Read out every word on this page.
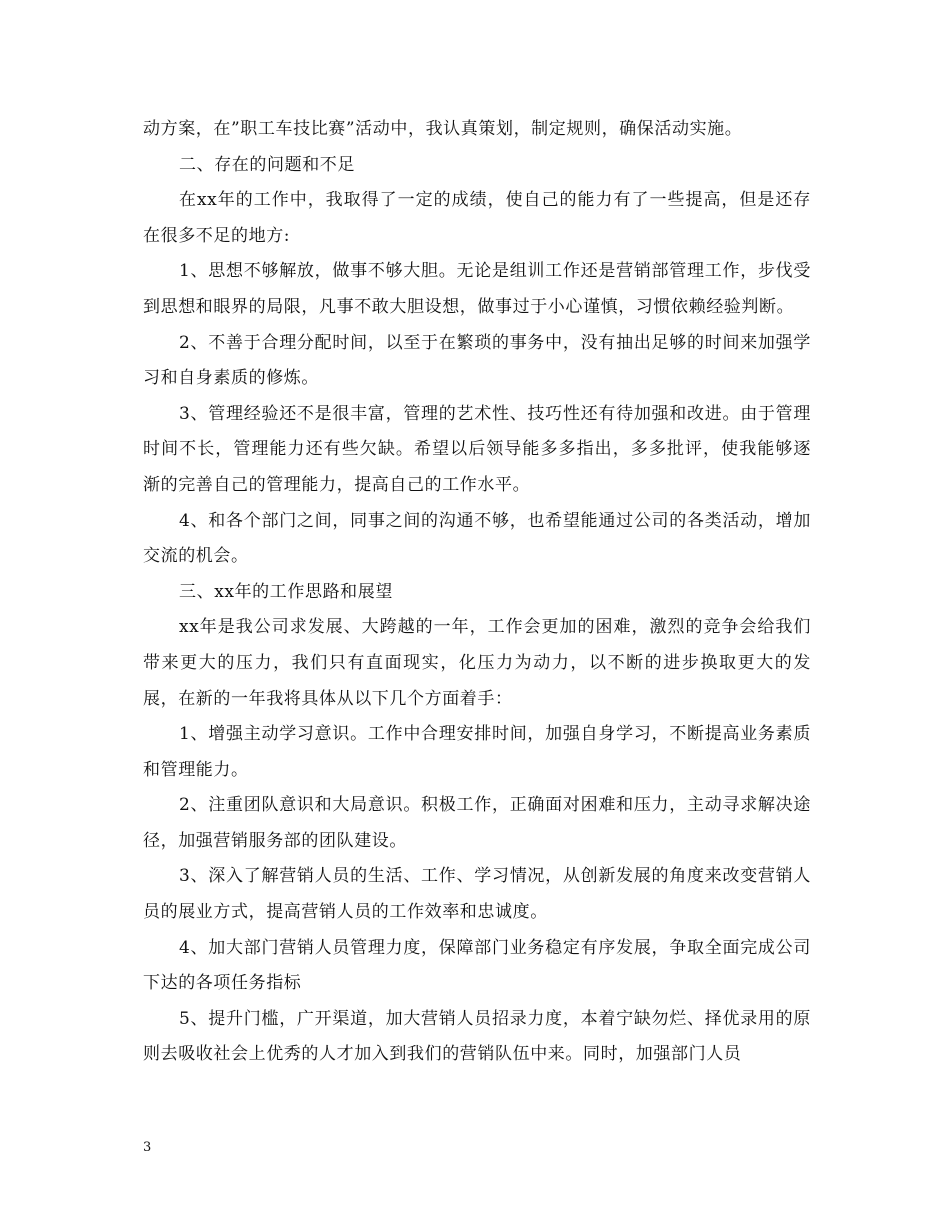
动方案，在”职工车技比赛”活动中，我认真策划，制定规则，确保活动实施。

二、存在的问题和不足

在xx年的工作中，我取得了一定的成绩，使自己的能力有了一些提高，但是还存在很多不足的地方:

1、思想不够解放，做事不够大胆。无论是组训工作还是营销部管理工作，步伐受到思想和眼界的局限，凡事不敢大胆设想，做事过于小心谨慎，习惯依赖经验判断。

2、不善于合理分配时间，以至于在繁琐的事务中，没有抽出足够的时间来加强学习和自身素质的修炼。

3、管理经验还不是很丰富，管理的艺术性、技巧性还有待加强和改进。由于管理时间不长，管理能力还有些欠缺。希望以后领导能多多指出，多多批评，使我能够逐渐的完善自己的管理能力，提高自己的工作水平。

4、和各个部门之间，同事之间的沟通不够，也希望能通过公司的各类活动，增加交流的机会。

三、xx年的工作思路和展望

xx年是我公司求发展、大跨越的一年，工作会更加的困难，激烈的竞争会给我们带来更大的压力，我们只有直面现实，化压力为动力，以不断的进步换取更大的发展，在新的一年我将具体从以下几个方面着手：

1、增强主动学习意识。工作中合理安排时间，加强自身学习，不断提高业务素质和管理能力。

2、注重团队意识和大局意识。积极工作，正确面对困难和压力，主动寻求解决途径，加强营销服务部的团队建设。

3、深入了解营销人员的生活、工作、学习情况，从创新发展的角度来改变营销人员的展业方式，提高营销人员的工作效率和忠诚度。

4、加大部门营销人员管理力度，保障部门业务稳定有序发展，争取全面完成公司下达的各项任务指标

5、提升门槛，广开渠道，加大营销人员招录力度，本着宁缺勿烂、择优录用的原则去吸收社会上优秀的人才加入到我们的营销队伍中来。同时，加强部门人员

3
